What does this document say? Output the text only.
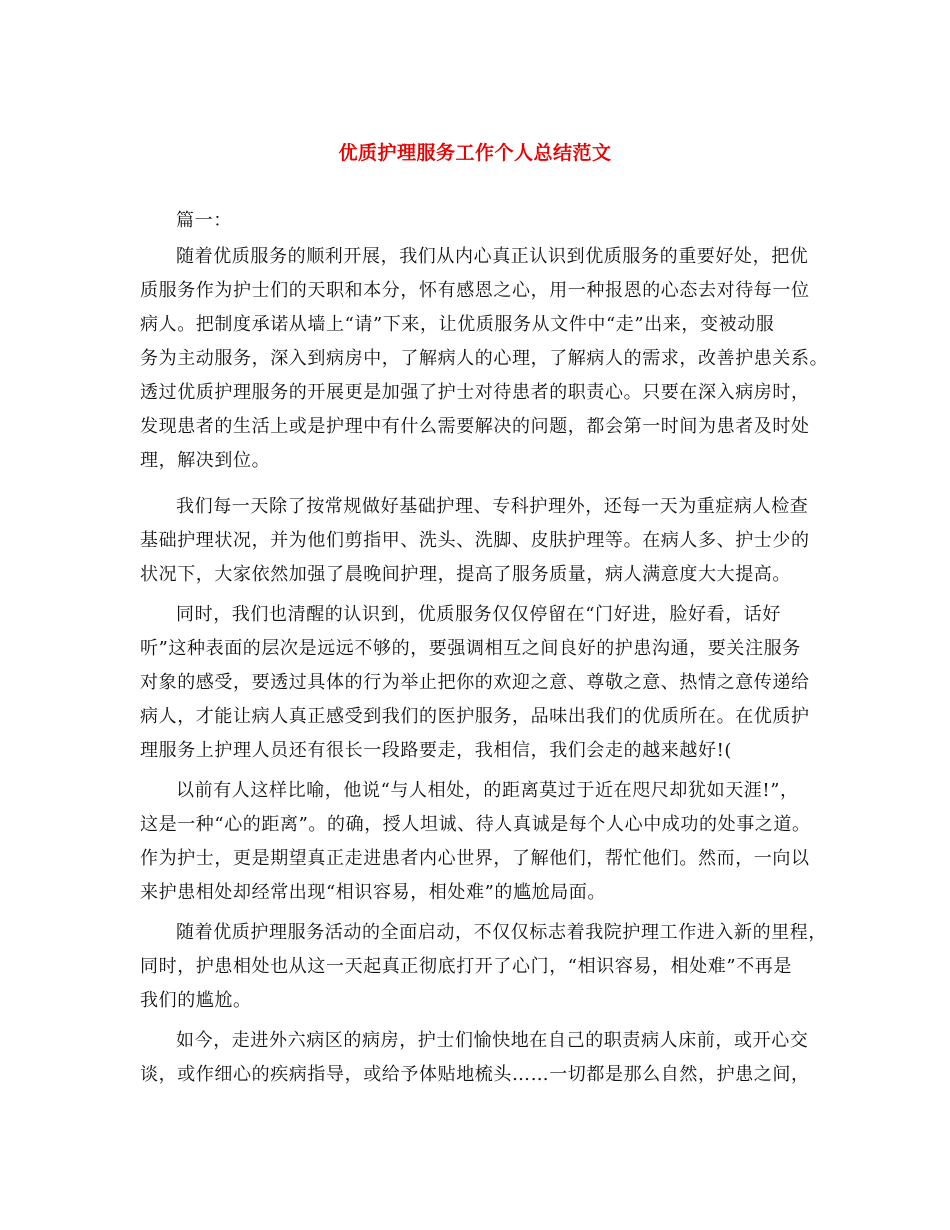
优质护理服务工作个人总结范文
篇一：
随着优质服务的顺利开展，我们从内心真正认识到优质服务的重要好处，把优
质服务作为护士们的天职和本分，怀有感恩之心，用一种报恩的心态去对待每一位
病人。把制度承诺从墙上“请”下来，让优质服务从文件中“走”出来，变被动服
务为主动服务，深入到病房中，了解病人的心理，了解病人的需求，改善护患关系。
透过优质护理服务的开展更是加强了护士对待患者的职责心。只要在深入病房时，
发现患者的生活上或是护理中有什么需要解决的问题，都会第一时间为患者及时处
理，解决到位。
我们每一天除了按常规做好基础护理、专科护理外，还每一天为重症病人检查
基础护理状况，并为他们剪指甲、洗头、洗脚、皮肤护理等。在病人多、护士少的
状况下，大家依然加强了晨晚间护理，提高了服务质量，病人满意度大大提高。
同时，我们也清醒的认识到，优质服务仅仅停留在“门好进，脸好看，话好
听”这种表面的层次是远远不够的，要强调相互之间良好的护患沟通，要关注服务
对象的感受，要透过具体的行为举止把你的欢迎之意、尊敬之意、热情之意传递给
病人，才能让病人真正感受到我们的医护服务，品味出我们的优质所在。在优质护
理服务上护理人员还有很长一段路要走，我相信，我们会走的越来越好!(
以前有人这样比喻，他说“与人相处，的距离莫过于近在咫尺却犹如天涯!”，
这是一种“心的距离”。的确，授人坦诚、待人真诚是每个人心中成功的处事之道。
作为护士，更是期望真正走进患者内心世界，了解他们，帮忙他们。然而，一向以
来护患相处却经常出现“相识容易，相处难”的尴尬局面。
随着优质护理服务活动的全面启动，不仅仅标志着我院护理工作进入新的里程，
同时，护患相处也从这一天起真正彻底打开了心门，“相识容易，相处难”不再是
我们的尴尬。
如今，走进外六病区的病房，护士们愉快地在自己的职责病人床前，或开心交
谈，或作细心的疾病指导，或给予体贴地梳头……一切都是那么自然，护患之间，
